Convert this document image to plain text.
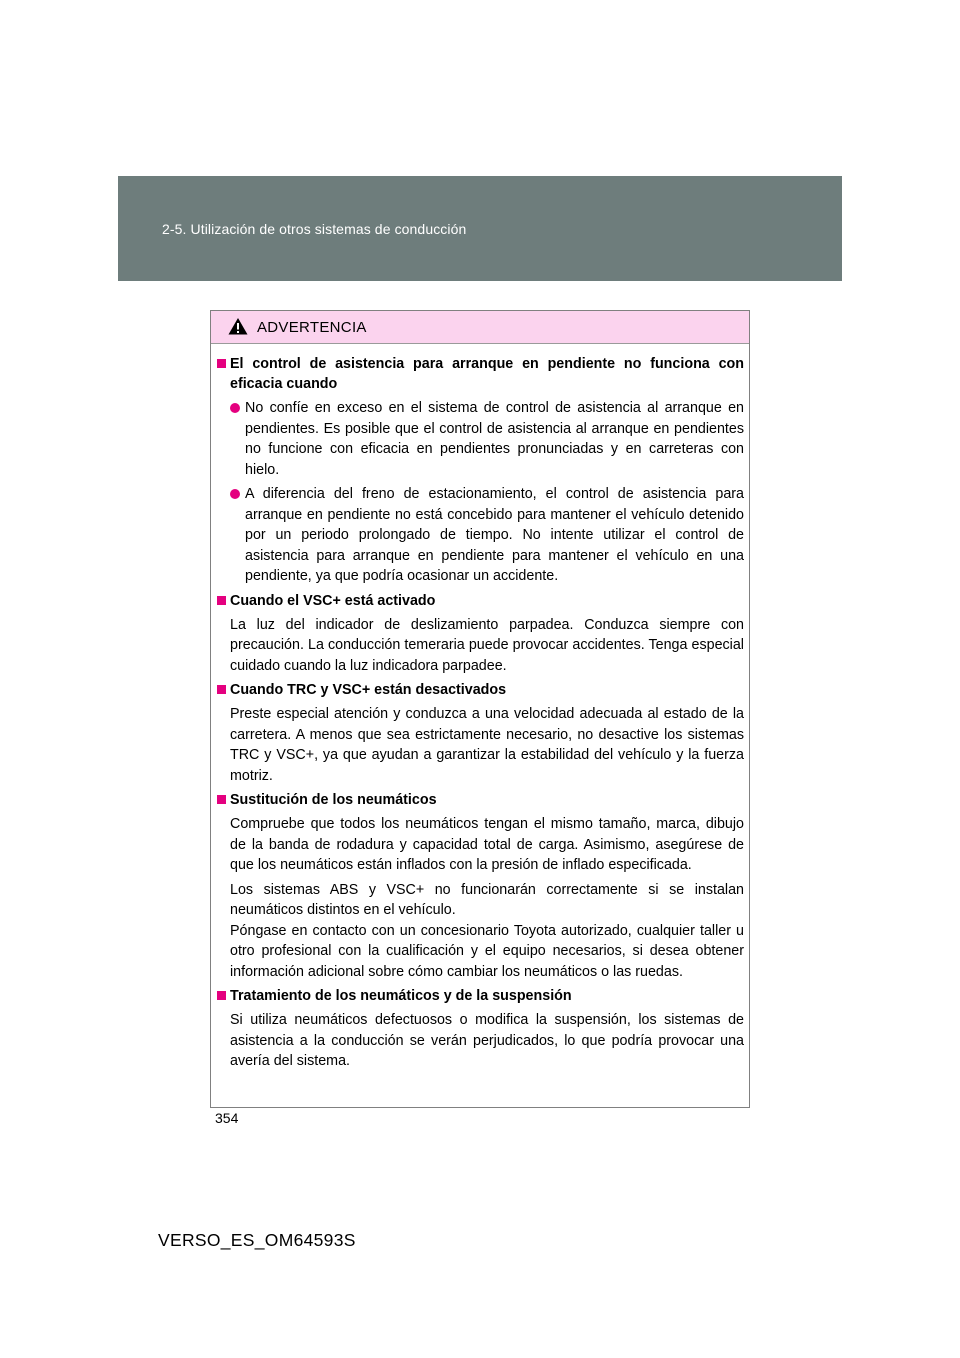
2-5. Utilización de otros sistemas de conducción
ADVERTENCIA
El control de asistencia para arranque en pendiente no funciona con eficacia cuando
No confíe en exceso en el sistema de control de asistencia al arranque en pendientes. Es posible que el control de asistencia al arranque en pendientes no funcione con eficacia en pendientes pronunciadas y en carreteras con hielo.
A diferencia del freno de estacionamiento, el control de asistencia para arranque en pendiente no está concebido para mantener el vehículo detenido por un periodo prolongado de tiempo. No intente utilizar el control de asistencia para arranque en pendiente para mantener el vehículo en una pendiente, ya que podría ocasionar un accidente.
Cuando el VSC+ está activado
La luz del indicador de deslizamiento parpadea. Conduzca siempre con precaución. La conducción temeraria puede provocar accidentes. Tenga especial cuidado cuando la luz indicadora parpadee.
Cuando TRC y VSC+ están desactivados
Preste especial atención y conduzca a una velocidad adecuada al estado de la carretera. A menos que sea estrictamente necesario, no desactive los sistemas TRC y VSC+, ya que ayudan a garantizar la estabilidad del vehículo y la fuerza motriz.
Sustitución de los neumáticos
Compruebe que todos los neumáticos tengan el mismo tamaño, marca, dibujo de la banda de rodadura y capacidad total de carga. Asimismo, asegúrese de que los neumáticos están inflados con la presión de inflado especificada.
Los sistemas ABS y VSC+ no funcionarán correctamente si se instalan neumáticos distintos en el vehículo.
Póngase en contacto con un concesionario Toyota autorizado, cualquier taller u otro profesional con la cualificación y el equipo necesarios, si desea obtener información adicional sobre cómo cambiar los neumáticos o las ruedas.
Tratamiento de los neumáticos y de la suspensión
Si utiliza neumáticos defectuosos o modifica la suspensión, los sistemas de asistencia a la conducción se verán perjudicados, lo que podría provocar una avería del sistema.
354
VERSO_ES_OM64593S
